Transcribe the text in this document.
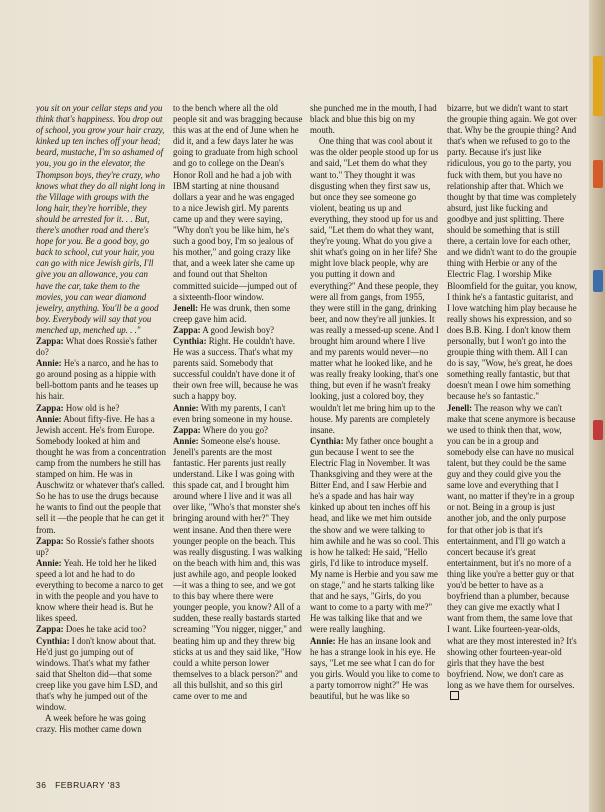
you sit on your cellar steps and you think that's happiness. You drop out of school, you grow your hair crazy, kinked up ten inches off your head; beard, mustache, I'm so ashamed of you, you go in the elevator, the Thompson boys, they're crazy, who knows what they do all night long in the Village with groups with the long hair, they're horrible, they should be arrested for it. . . But, there's another road and there's hope for you. Be a good boy, go back to school, cut your hair, you can go with nice Jewish girls, I'll give you an allowance, you can have the car, take them to the movies, you can wear diamond jewelry, anything. You'll be a good boy. Everybody will say that you menched up, menched up. . ."

Zappa: What does Rossie's father do?

Annie: He's a narco, and he has to go around posing as a hippie with bell-bottom pants and he teases up his hair.

Zappa: How old is he?

Annie: About fifty-five. He has a Jewish accent. He's from Europe. Somebody looked at him and thought he was from a concentration camp from the numbers he still has stamped on him. He was in Auschwitz or whatever that's called. So he has to use the drugs because he wants to find out the people that sell it —the people that he can get it from.

Zappa: So Rossie's father shoots up?

Annie: Yeah. He told her he liked speed a lot and he had to do everything to become a narco to get in with the people and you have to know where their head is. But he likes speed.

Zappa: Does he take acid too?

Cynthia: I don't know about that. He'd just go jumping out of windows. That's what my father said that Shelton did—that some creep like you gave him LSD, and that's why he jumped out of the window.

A week before he was going crazy. His mother came down

to the bench where all the old people sit and was bragging because this was at the end of June when he did it, and a few days later he was going to graduate from high school and go to college on the Dean's Honor Roll and he had a job with IBM starting at nine thousand dollars a year and he was engaged to a nice Jewish girl. My parents came up and they were saying, "Why don't you be like him, he's such a good boy, I'm so jealous of his mother," and going crazy like that, and a week later she came up and found out that Shelton committed suicide—jumped out of a sixteenth-floor window.

Jenell: He was drunk, then some creep gave him acid.

Zappa: A good Jewish boy?

Cynthia: Right. He couldn't have. He was a success. That's what my parents said. Somebody that successful couldn't have done it of their own free will, because he was such a happy boy.

Annie: With my parents, I can't even bring someone in my house.

Zappa: Where do you go?

Annie: Someone else's house. Jenell's parents are the most fantastic. Her parents just really understand. Like I was going with this spade cat, and I brought him around where I live and it was all over like, "Who's that monster she's bringing around with her?" They went insane. And then there were younger people on the beach. This was really disgusting. I was walking on the beach with him and, this was just awhile ago, and people looked—it was a thing to see, and we got to this bay where there were younger people, you know? All of a sudden, these really bastards started screaming "You nigger, nigger," and beating him up and they threw big sticks at us and they said like, "How could a white person lower themselves to a black person?" and all this bullshit, and so this girl came over to me and

she punched me in the mouth, I had black and blue this big on my mouth.

One thing that was cool about it was the older people stood up for us and said, "Let them do what they want to." They thought it was disgusting when they first saw us, but once they see someone go violent, beating us up and everything, they stood up for us and said, "Let them do what they want, they're young. What do you give a shit what's going on in her life? She might love black people, why are you putting it down and everything?" And these people, they were all from gangs, from 1955, they were still in the gang, drinking beer, and now they're all junkies. It was really a messed-up scene. And I brought him around where I live and my parents would never—no matter what he looked like, and he was really freaky looking, that's one thing, but even if he wasn't freaky looking, just a colored boy, they wouldn't let me bring him up to the house. My parents are completely insane.

Cynthia: My father once bought a gun because I went to see the Electric Flag in November. It was Thanksgiving and they were at the Bitter End, and I saw Herbie and he's a spade and has hair way kinked up about ten inches off his head, and like we met him outside the show and we were talking to him awhile and he was so cool. This is how he talked: He said, "Hello girls, I'd like to introduce myself. My name is Herbie and you saw me on stage," and he starts talking like that and he says, "Girls, do you want to come to a party with me?" He was talking like that and we were really laughing.

Annie: He has an insane look and he has a strange look in his eye. He says, "Let me see what I can do for you girls. Would you like to come to a party tomorrow night?" He was beautiful, but he was like so

bizarre, but we didn't want to start the groupie thing again. We got over that. Why be the groupie thing? And that's when we refused to go to the party. Because it's just like ridiculous, you go to the party, you fuck with them, but you have no relationship after that. Which we thought by that time was completely absurd, just like fucking and goodbye and just splitting. There should be something that is still there, a certain love for each other, and we didn't want to do the groupie thing with Herbie or any of the Electric Flag. I worship Mike Bloomfield for the guitar, you know, I think he's a fantastic guitarist, and I love watching him play because he really shows his expression, and so does B.B. King. I don't know them personally, but I won't go into the groupie thing with them. All I can do is say, "Wow, he's great, he does something really fantastic, but that doesn't mean I owe him something because he's so fantastic."

Jenell: The reason why we can't make that scene anymore is because we used to think then that, wow, you can be in a group and somebody else can have no musical talent, but they could be the same guy and they could give you the same love and everything that I want, no matter if they're in a group or not. Being in a group is just another job, and the only purpose for that other job is that it's entertainment, and I'll go watch a concert because it's great entertainment, but it's no more of a thing like you're a better guy or that you'd be better to have as a boyfriend than a plumber, because they can give me exactly what I want from them, the same love that I want. Like fourteen-year-olds, what are they most interested in? It's showing other fourteen-year-old girls that they have the best boyfriend. Now, we don't care as long as we have them for ourselves.

36 FEBRUARY '83
